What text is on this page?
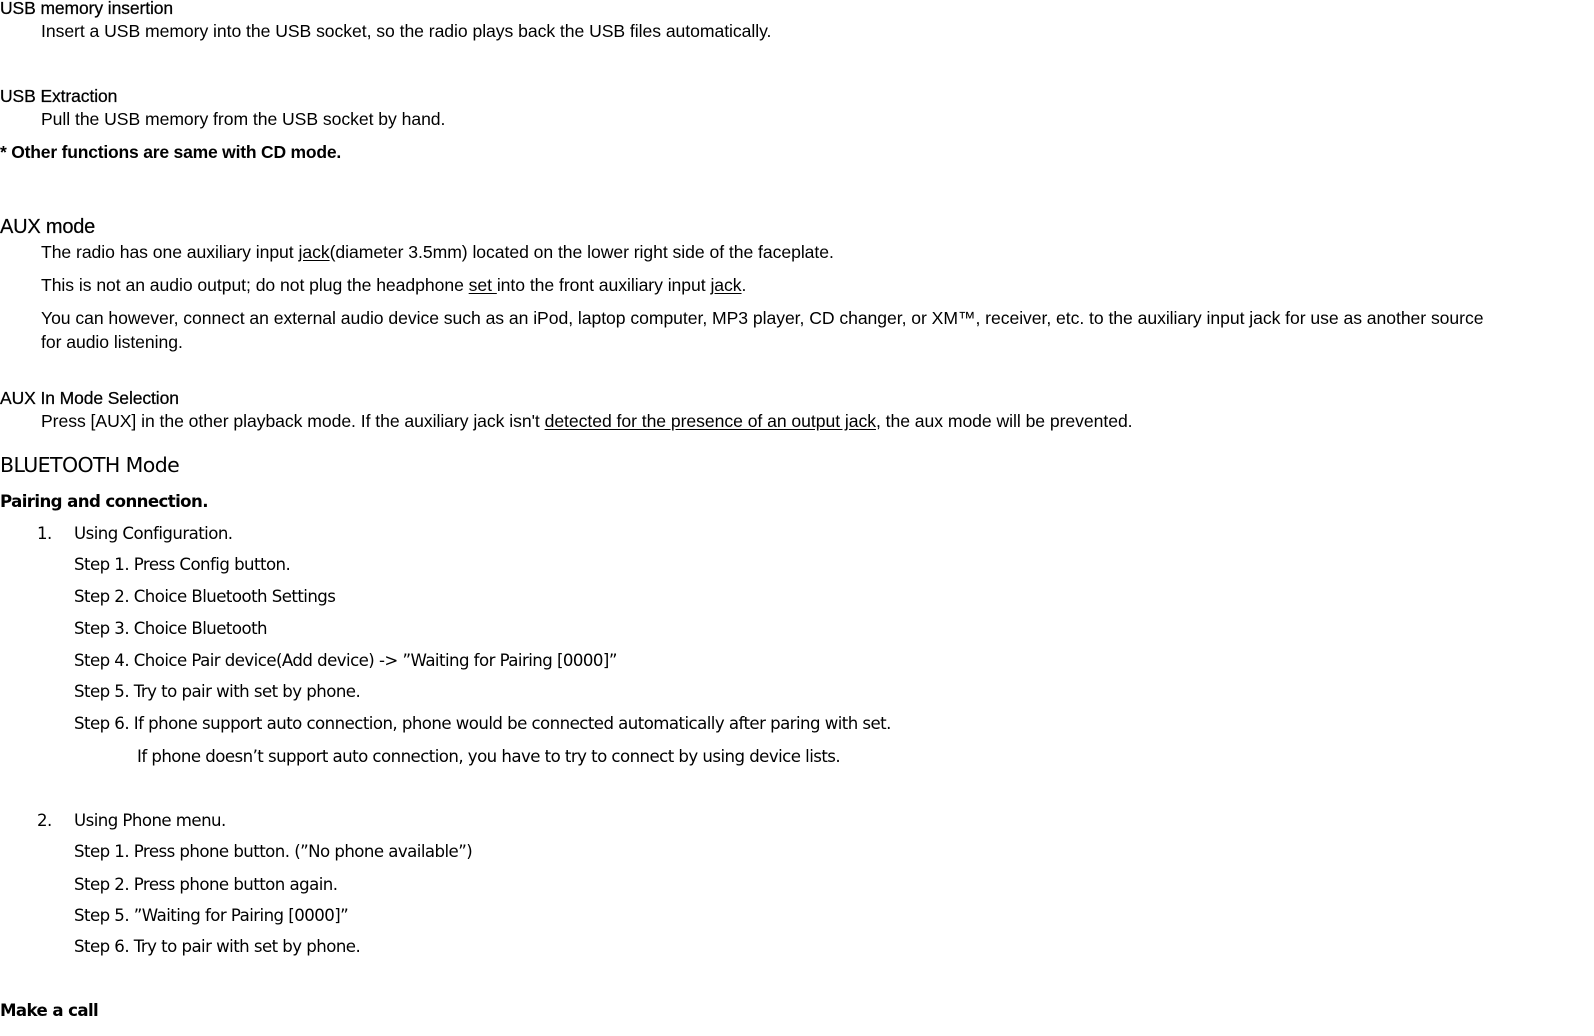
USB memory insertion
Insert a USB memory into the USB socket, so the radio plays back the USB files automatically.
USB Extraction
Pull the USB memory from the USB socket by hand.
* Other functions are same with CD mode.
AUX mode
The radio has one auxiliary input jack(diameter 3.5mm) located on the lower right side of the faceplate.
This is not an audio output; do not plug the headphone set into the front auxiliary input jack.
You can however, connect an external audio device such as an iPod, laptop computer, MP3 player, CD changer, or XM™, receiver, etc. to the auxiliary input jack for use as another source
for audio listening.
AUX In Mode Selection
Press [AUX] in the other playback mode. If the auxiliary jack isn't detected for the presence of an output jack, the aux mode will be prevented.
BLUETOOTH Mode
Pairing and connection.
1. Using Configuration.
Step 1. Press Config button.
Step 2. Choice Bluetooth Settings
Step 3. Choice Bluetooth
Step 4. Choice Pair device(Add device) -> ”Waiting for Pairing [0000]”
Step 5. Try to pair with set by phone.
Step 6. If phone support auto connection, phone would be connected automatically after paring with set.
If phone doesn’t support auto connection, you have to try to connect by using device lists.
2. Using Phone menu.
Step 1. Press phone button. (”No phone available”)
Step 2. Press phone button again.
Step 5. ”Waiting for Pairing [0000]”
Step 6. Try to pair with set by phone.
Make a call
